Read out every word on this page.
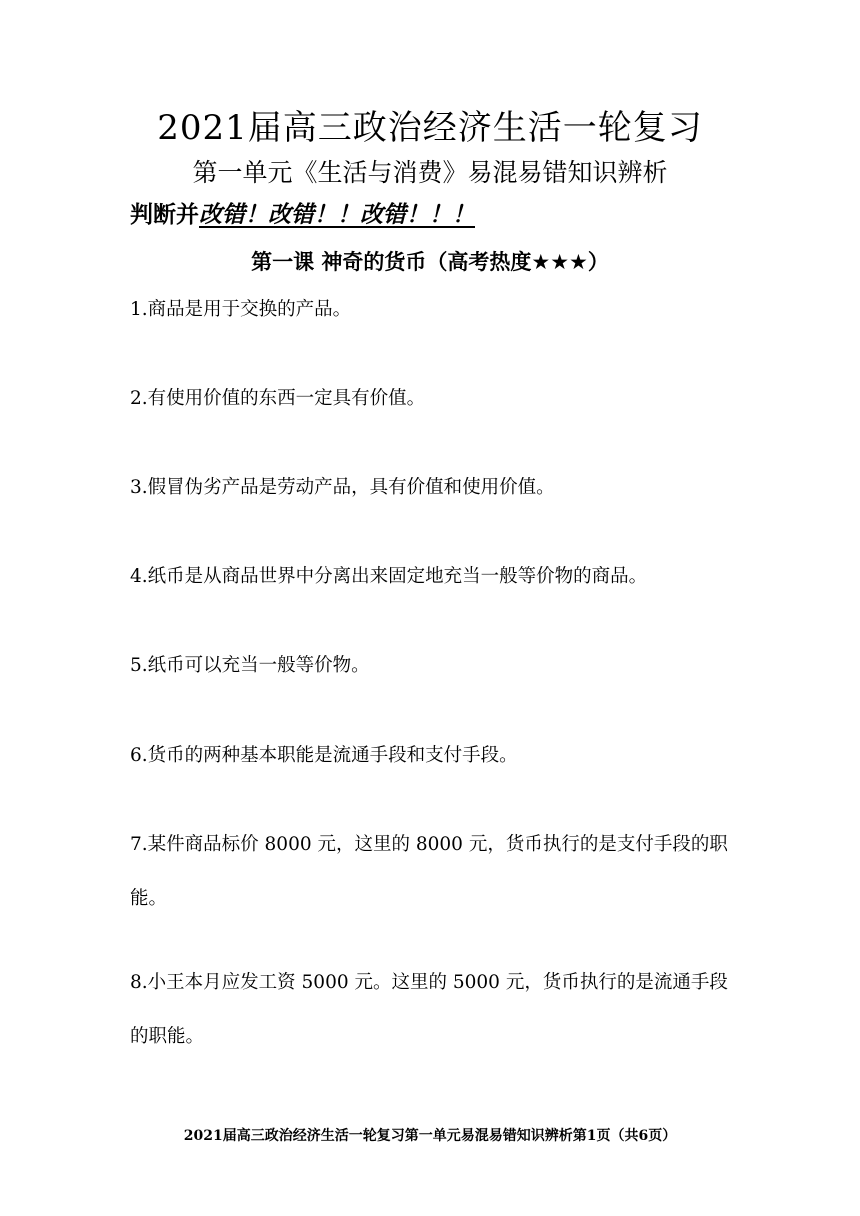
2021届高三政治经济生活一轮复习
第一单元《生活与消费》易混易错知识辨析
判断并改错！改错！！改错！！！
第一课 神奇的货币（高考热度★★★）
1.商品是用于交换的产品。
2.有使用价值的东西一定具有价值。
3.假冒伪劣产品是劳动产品，具有价值和使用价值。
4.纸币是从商品世界中分离出来固定地充当一般等价物的商品。
5.纸币可以充当一般等价物。
6.货币的两种基本职能是流通手段和支付手段。
7.某件商品标价 8000 元，这里的 8000 元，货币执行的是支付手段的职能。
8.小王本月应发工资 5000 元。这里的 5000 元，货币执行的是流通手段的职能。
2021届高三政治经济生活一轮复习第一单元易混易错知识辨析第1页（共6页）
